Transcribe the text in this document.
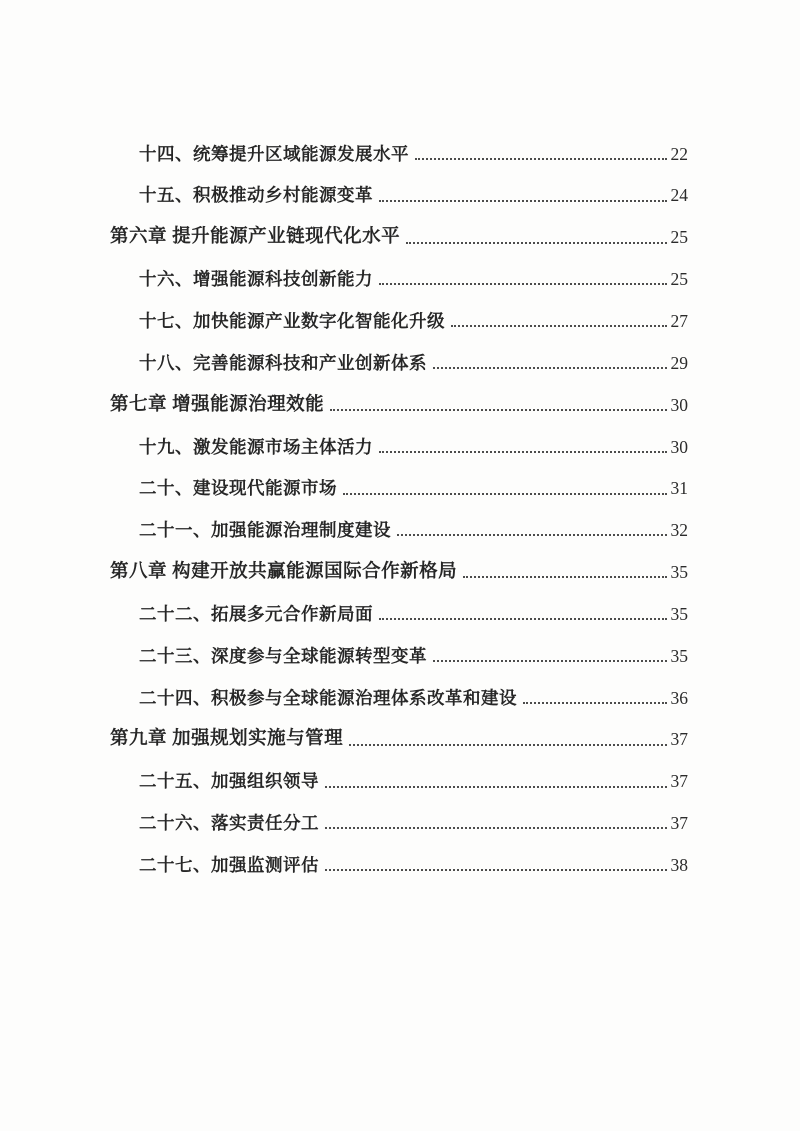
十四、统筹提升区域能源发展水平	22
十五、积极推动乡村能源变革	24
第六章 提升能源产业链现代化水平	25
十六、增强能源科技创新能力	25
十七、加快能源产业数字化智能化升级	27
十八、完善能源科技和产业创新体系	29
第七章 增强能源治理效能	30
十九、激发能源市场主体活力	30
二十、建设现代能源市场	31
二十一、加强能源治理制度建设	32
第八章 构建开放共赢能源国际合作新格局	35
二十二、拓展多元合作新局面	35
二十三、深度参与全球能源转型变革	35
二十四、积极参与全球能源治理体系改革和建设	36
第九章 加强规划实施与管理	37
二十五、加强组织领导	37
二十六、落实责任分工	37
二十七、加强监测评估	38
